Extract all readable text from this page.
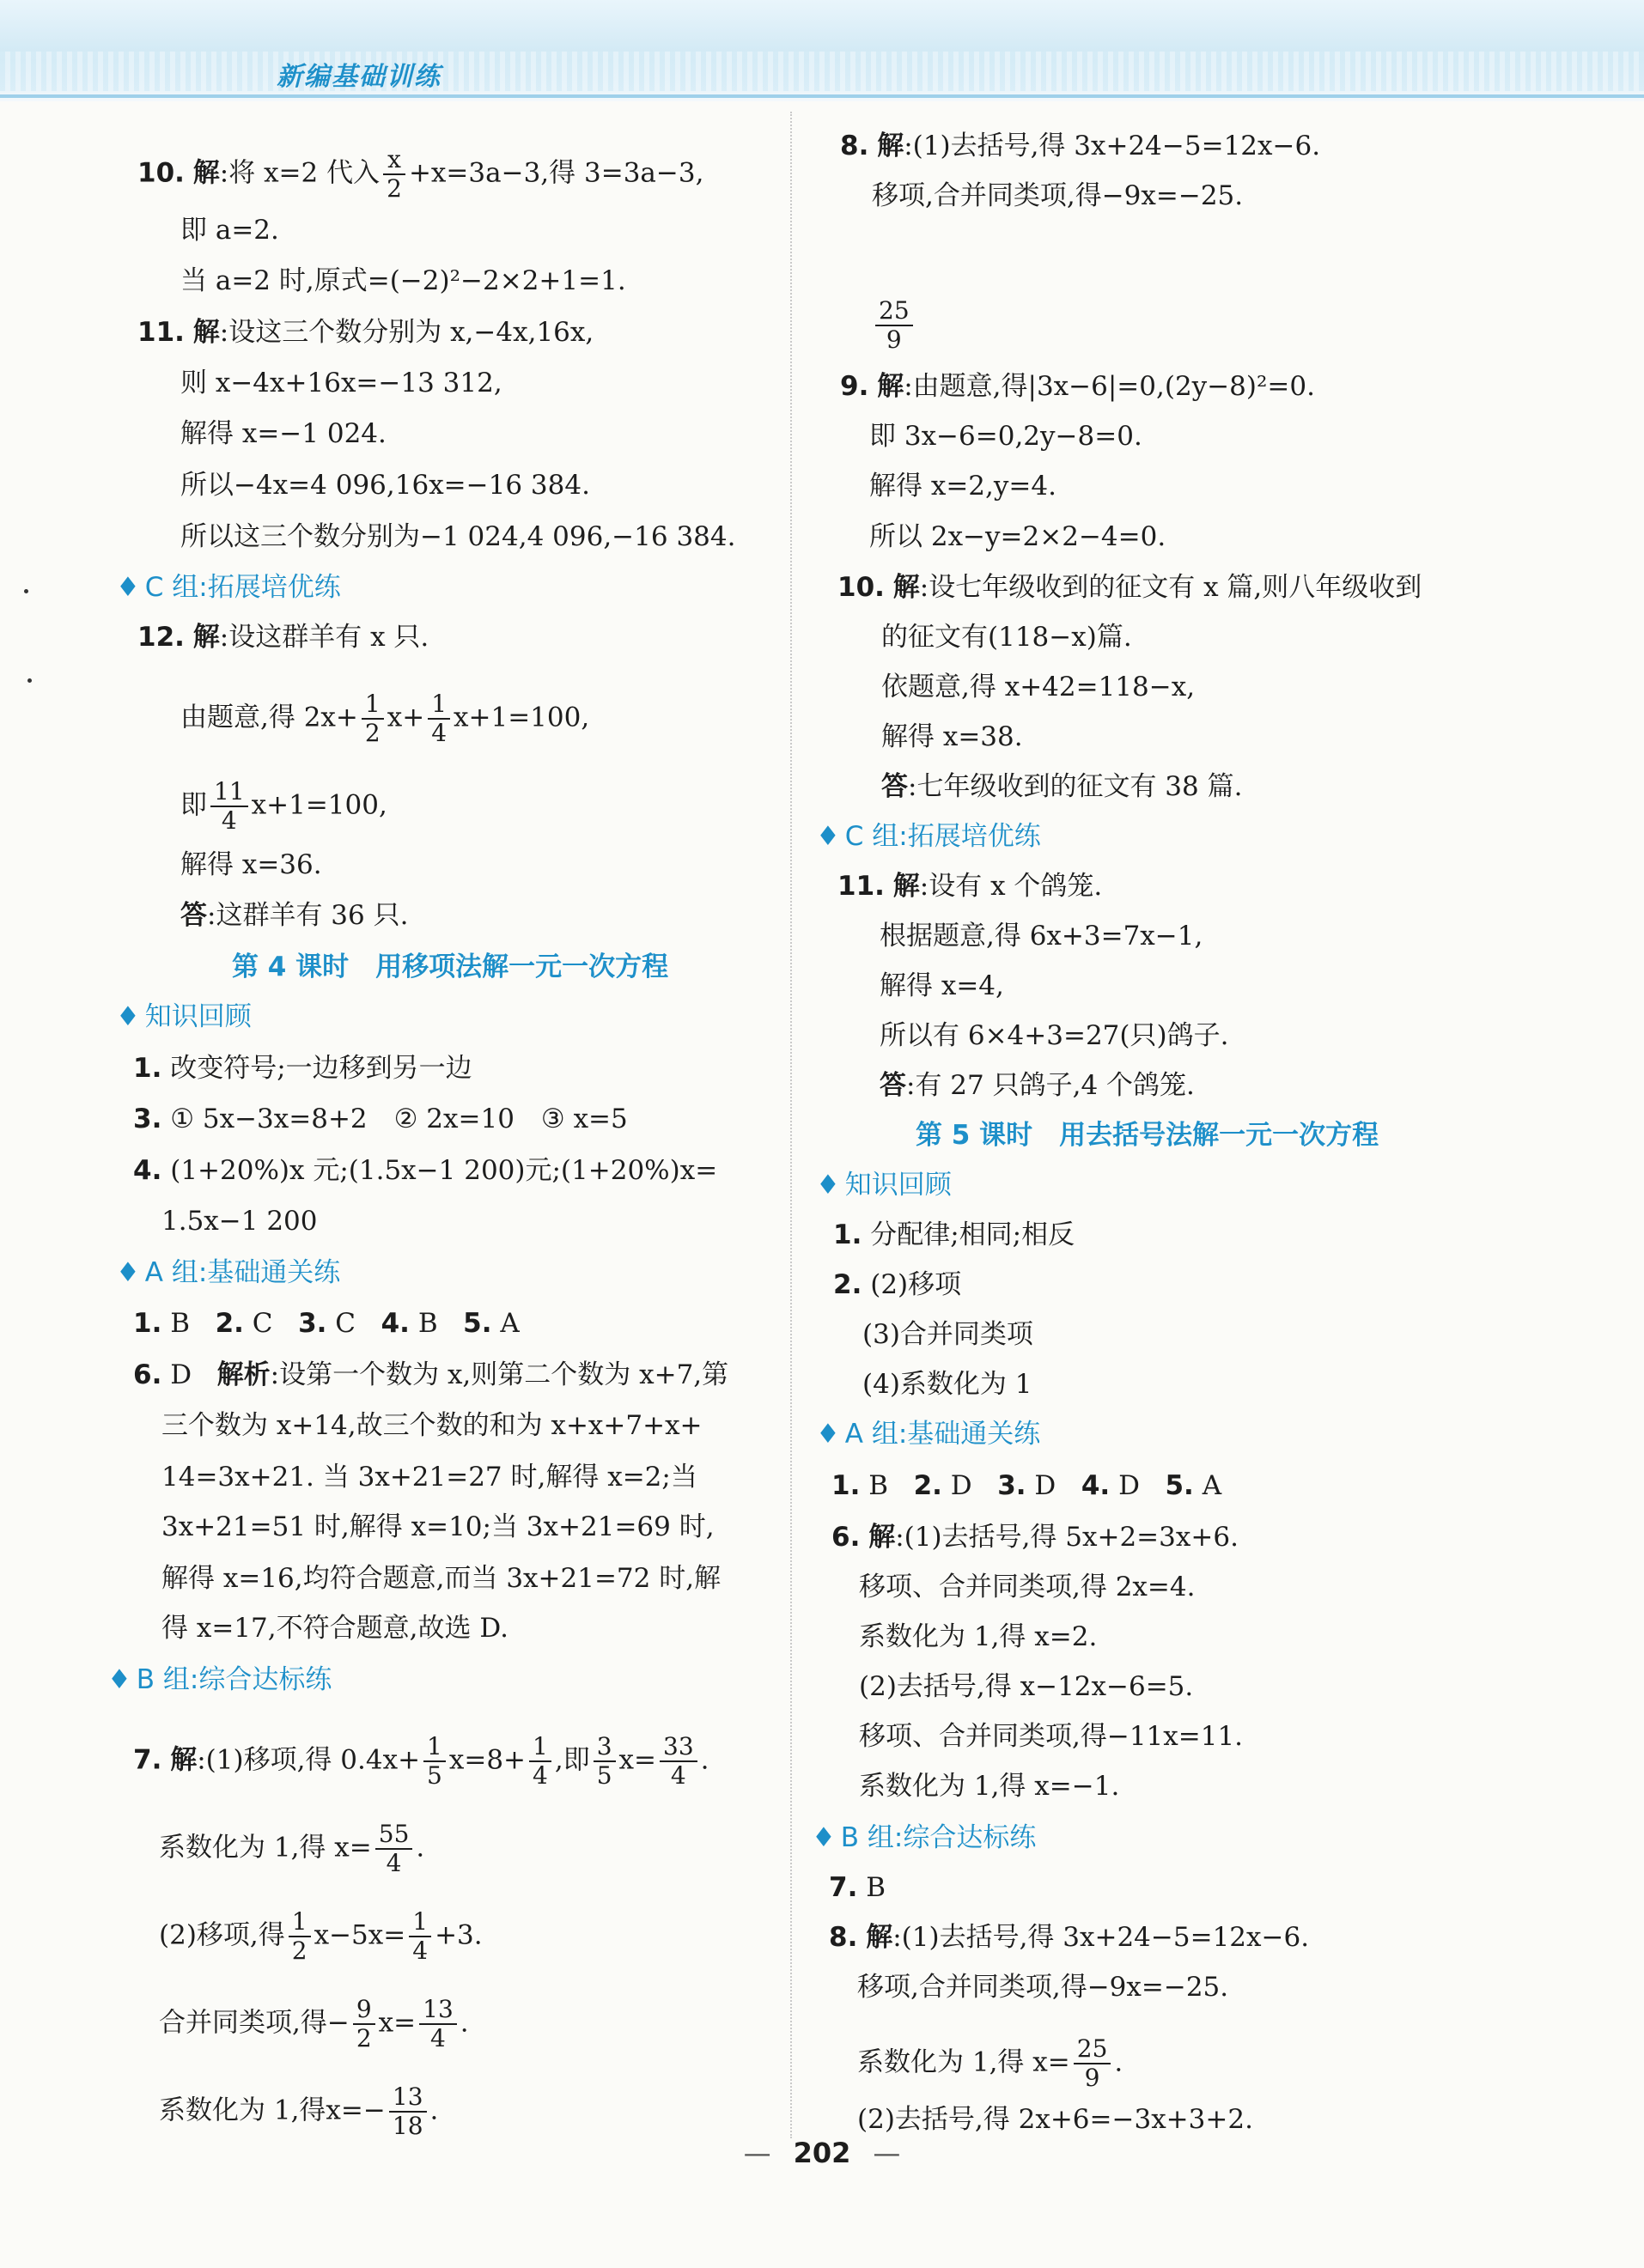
新编基础训练
10. 解:将 x=2 代入 $\frac{x}{2} +x=3a-3$,得 3=3a−3,
即 a=2.
当 a=2 时,原式=(−2)²−2×2+1=1.
11. 解:设这三个数分别为 x,−4x,16x,
则 x−4x+16x=−13 312,
解得 x=−1 024.
所以−4x=4 096,16x=−16 384.
所以这三个数分别为−1 024,4 096,−16 384.
♦ C 组:拓展培优练
12. 解:设这群羊有 x 只.
由题意,得 $2x+ \frac{1}{2} x+ \frac{1}{4} x+1=100$,
即 $\frac{11}{4} x+1=100$,
解得 x=36.
答:这群羊有 36 只.
第 4 课时　用移项法解一元一次方程
♦ 知识回顾
1. 改变符号;一边移到另一边
3. ① 5x−3x=8+2　② 2x=10　③ x=5
4. (1+20%)x 元;(1.5x−1 200)元;(1+20%)x=
1.5x−1 200
♦ A 组:基础通关练
1. B 2. C 3. C 4. B 5. A
6. D 解析:设第一个数为 x,则第二个数为 x+7,第
三个数为 x+14,故三个数的和为 x+x+7+x+
14=3x+21. 当 3x+21=27 时,解得 x=2;当
3x+21=51 时,解得 x=10;当 3x+21=69 时,
解得 x=16,均符合题意,而当 3x+21=72 时,解
得 x=17,不符合题意,故选 D.
♦ B 组:综合达标练
7. 解:(1)移项,得 $0.4x+ \frac{1}{5} x=8+ \frac{1}{4}$ ,即 $\frac{3}{5} x= \frac{33}{4}$ .
系数化为 1,得 $x= \frac{55}{4}$ .
(2)移项,得 $\frac{1}{2} x-5x= \frac{1}{4} +3$.
合并同类项,得− $\frac{9}{2} x= \frac{13}{4}$ .
系数化为 1,得$x=- \frac{13}{18}$ .
8. 解:(1)去括号,得 3x+24−5=12x−6.
移项,合并同类项,得−9x=−25.
$\frac{25}{9}$
9. 解:由题意,得|3x−6|=0,(2y−8)²=0.
即 3x−6=0,2y−8=0.
解得 x=2,y=4.
所以 2x−y=2×2−4=0.
10. 解:设七年级收到的征文有 x 篇,则八年级收到
的征文有(118−x)篇.
依题意,得 x+42=118−x,
解得 x=38.
答:七年级收到的征文有 38 篇.
♦ C 组:拓展培优练
11. 解:设有 x 个鸽笼.
根据题意,得 6x+3=7x−1,
解得 x=4,
所以有 6×4+3=27(只)鸽子.
答:有 27 只鸽子,4 个鸽笼.
第 5 课时　用去括号法解一元一次方程
♦ 知识回顾
1. 分配律;相同;相反
2. (2)移项
(3)合并同类项
(4)系数化为 1
♦ A 组:基础通关练
1. B 2. D 3. D 4. D 5. A
6. 解:(1)去括号,得 5x+2=3x+6.
移项、合并同类项,得 2x=4.
系数化为 1,得 x=2.
(2)去括号,得 x−12x−6=5.
移项、合并同类项,得−11x=11.
系数化为 1,得 x=−1.
♦ B 组:综合达标练
7. B
8. 解:(1)去括号,得 3x+24−5=12x−6.
移项,合并同类项,得−9x=−25.
系数化为 1,得 $x= \frac{25}{9}$ .
(2)去括号,得 2x+6=−3x+3+2.
— 202 —
